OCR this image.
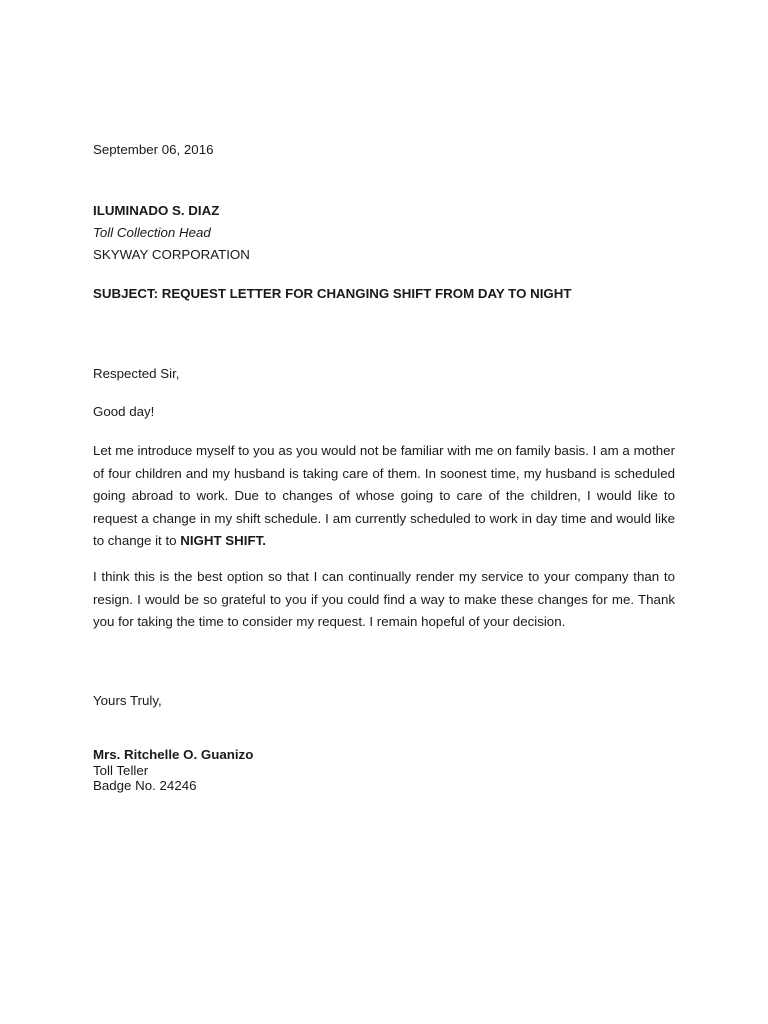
September 06, 2016
ILUMINADO S. DIAZ
Toll Collection Head
SKYWAY CORPORATION
SUBJECT: REQUEST LETTER FOR CHANGING SHIFT FROM DAY TO NIGHT
Respected Sir,
Good day!
Let me introduce myself to you as you would not be familiar with me on family basis. I am a mother of four children and my husband is taking care of them. In soonest time, my husband is scheduled going abroad to work. Due to changes of whose going to care of the children, I would like to request a change in my shift schedule. I am currently scheduled to work in day time and would like to change it to NIGHT SHIFT.
I think this is the best option so that I can continually render my service to your company than to resign. I would be so grateful to you if you could find a way to make these changes for me. Thank you for taking the time to consider my request. I remain hopeful of your decision.
Yours Truly,
Mrs. Ritchelle O. Guanizo
Toll Teller
Badge No. 24246
